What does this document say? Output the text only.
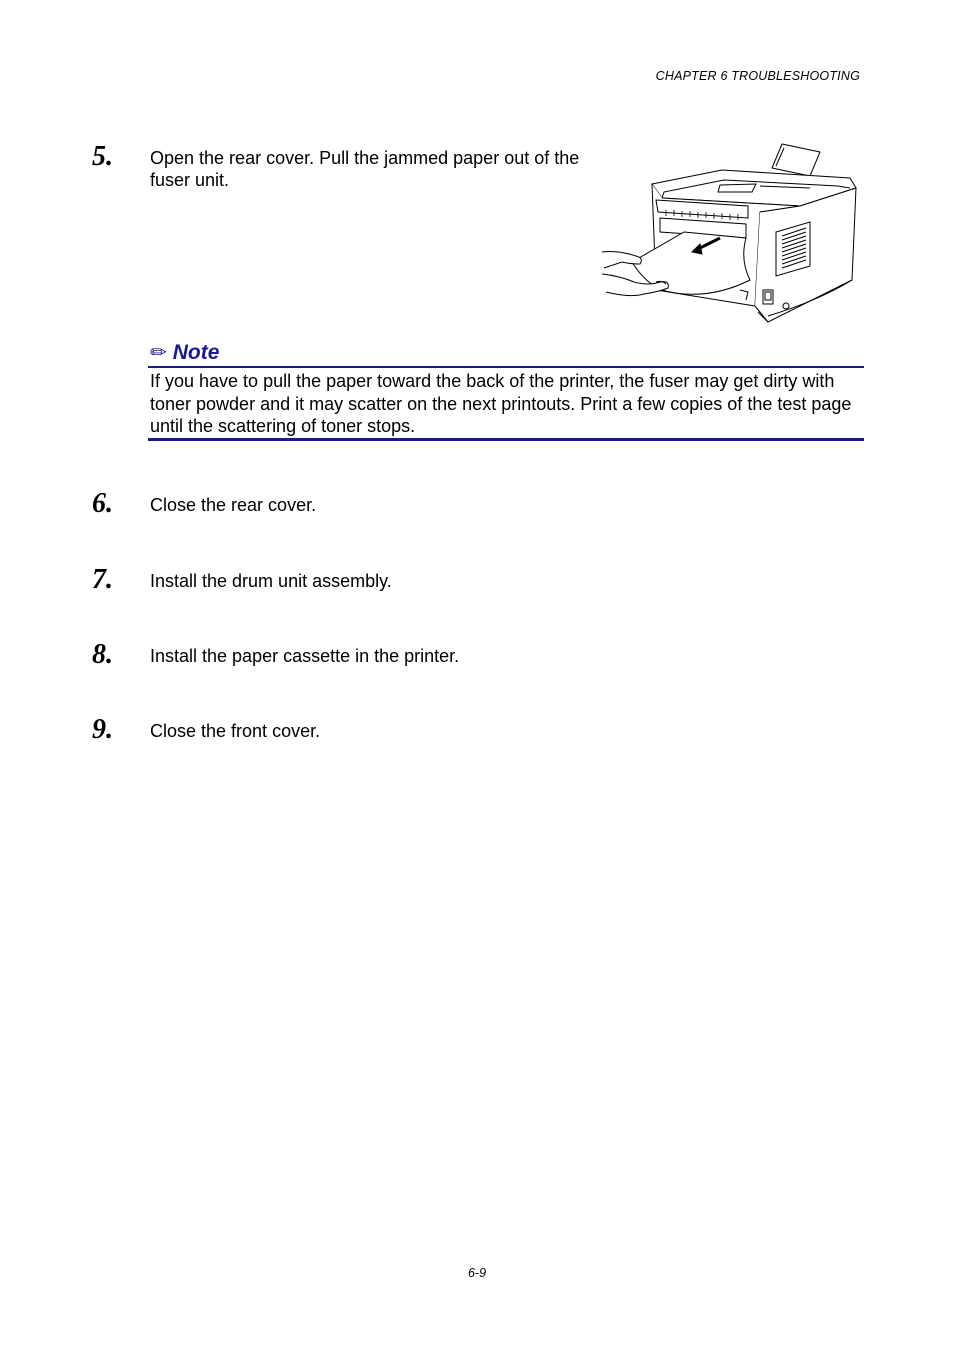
CHAPTER 6 TROUBLESHOOTING
5. Open the rear cover. Pull the jammed paper out of the fuser unit.
✏ Note
If you have to pull the paper toward the back of the printer, the fuser may get dirty with toner powder and it may scatter on the next printouts. Print a few copies of the test page until the scattering of toner stops.
6. Close the rear cover.
7. Install the drum unit assembly.
8. Install the paper cassette in the printer.
9. Close the front cover.
6-9
